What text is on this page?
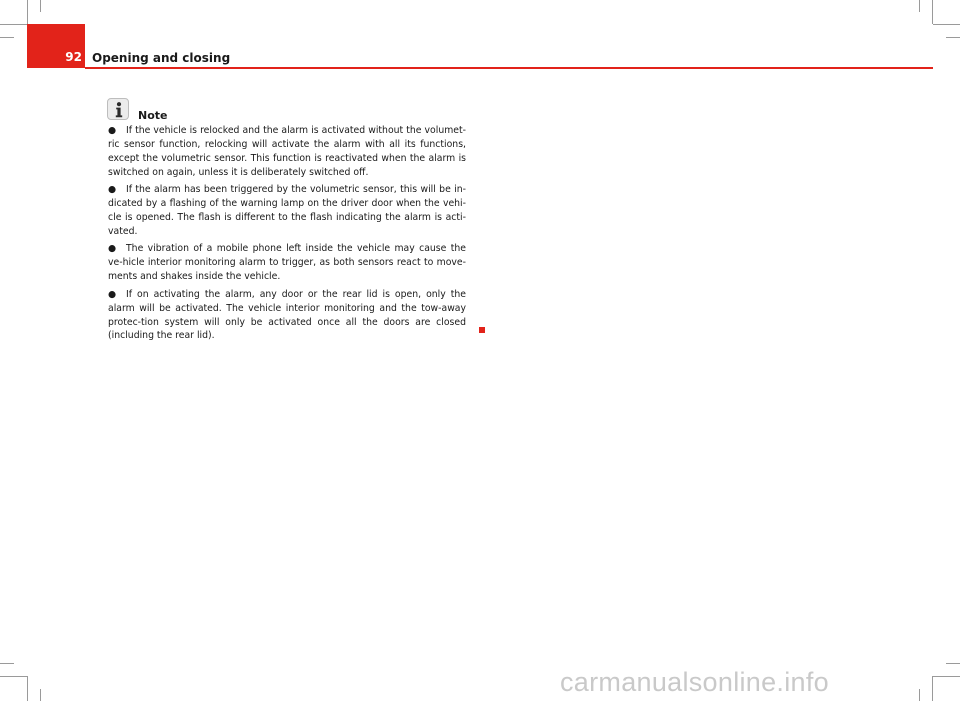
92 Opening and closing
Note
● If the vehicle is relocked and the alarm is activated without the volumet-ric sensor function, relocking will activate the alarm with all its functions, except the volumetric sensor. This function is reactivated when the alarm is switched on again, unless it is deliberately switched off.
● If the alarm has been triggered by the volumetric sensor, this will be in-dicated by a flashing of the warning lamp on the driver door when the vehi-cle is opened. The flash is different to the flash indicating the alarm is acti-vated.
● The vibration of a mobile phone left inside the vehicle may cause the ve-hicle interior monitoring alarm to trigger, as both sensors react to move-ments and shakes inside the vehicle.
● If on activating the alarm, any door or the rear lid is open, only the alarm will be activated. The vehicle interior monitoring and the tow-away protec-tion system will only be activated once all the doors are closed (including the rear lid).
carmanualsonline.info
